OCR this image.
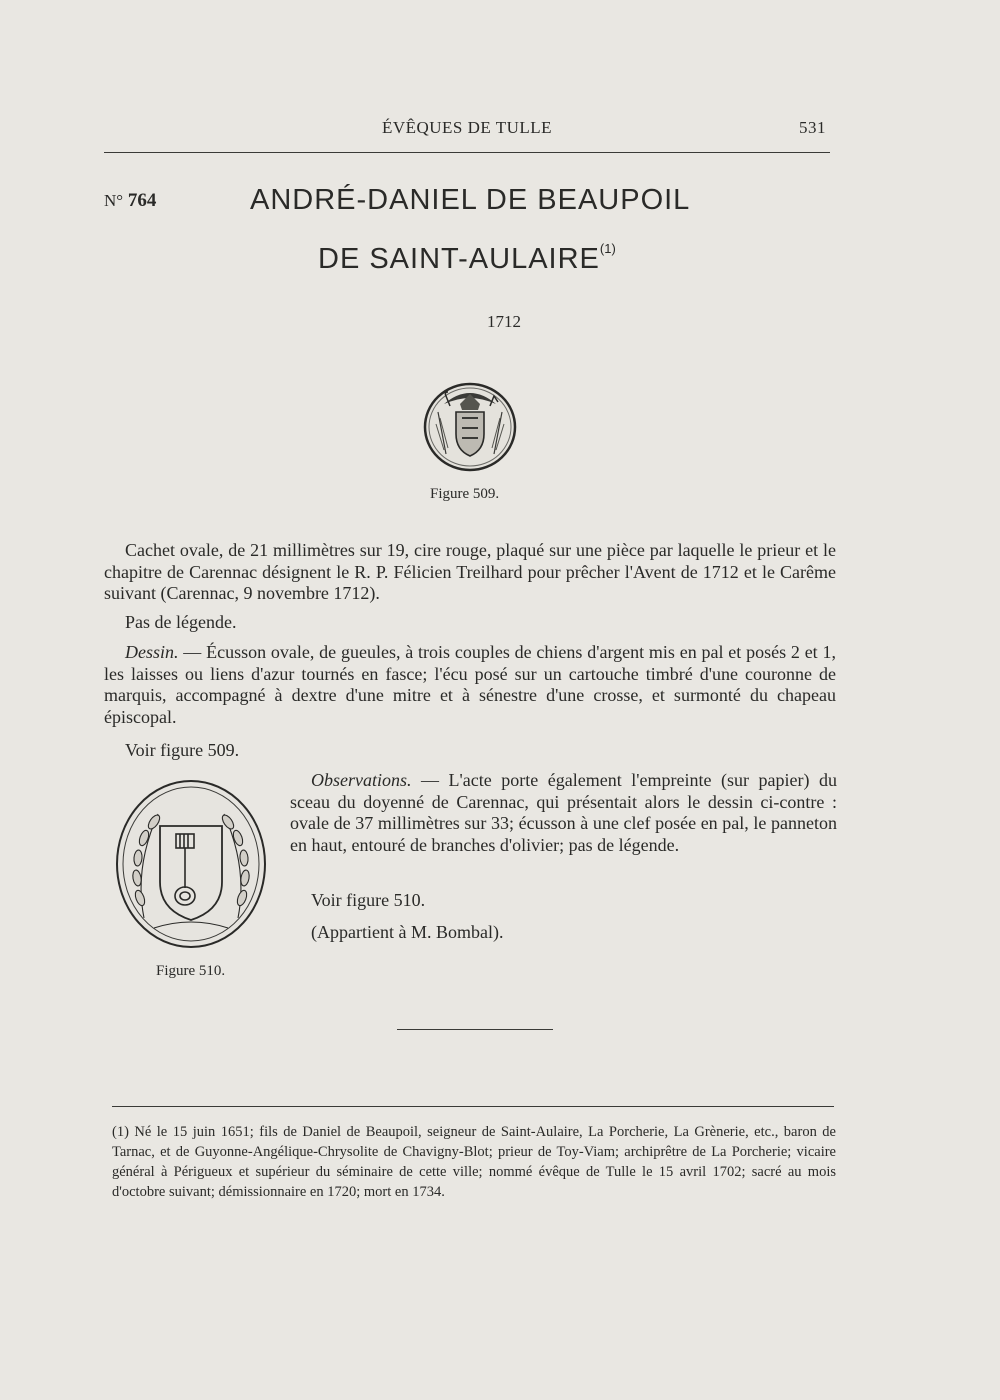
ÉVÊQUES DE TULLE	531
N° 764	ANDRÉ-DANIEL DE BEAUPOIL
DE SAINT-AULAIRE$^{(1)}$
1712
Figure 509.
Cachet ovale, de 21 millimètres sur 19, cire rouge, plaqué sur une pièce par laquelle le prieur et le chapitre de Carennac désignent le R. P. Félicien Treilhard pour prêcher l'Avent de 1712 et le Carême suivant (Carennac, 9 novembre 1712).
Pas de légende.
Dessin. — Écusson ovale, de gueules, à trois couples de chiens d'argent mis en pal et posés 2 et 1, les laisses ou liens d'azur tournés en fasce; l'écu posé sur un cartouche timbré d'une couronne de marquis, accompagné à dextre d'une mitre et à sénestre d'une crosse, et surmonté du chapeau épiscopal.
Voir figure 509.
Figure 510.
Observations. — L'acte porte également l'empreinte (sur papier) du sceau du doyenné de Carennac, qui présentait alors le dessin ci-contre : ovale de 37 millimètres sur 33; écusson à une clef posée en pal, le panneton en haut, entouré de branches d'olivier; pas de légende.
Voir figure 510.
(Appartient à M. Bombal).
(1) Né le 15 juin 1651; fils de Daniel de Beaupoil, seigneur de Saint-Aulaire, La Porcherie, La Grènerie, etc., baron de Tarnac, et de Guyonne-Angélique-Chrysolite de Chavigny-Blot; prieur de Toy-Viam; archiprêtre de La Porcherie; vicaire général à Périgueux et supérieur du séminaire de cette ville; nommé évêque de Tulle le 15 avril 1702; sacré au mois d'octobre suivant; démissionnaire en 1720; mort en 1734.
